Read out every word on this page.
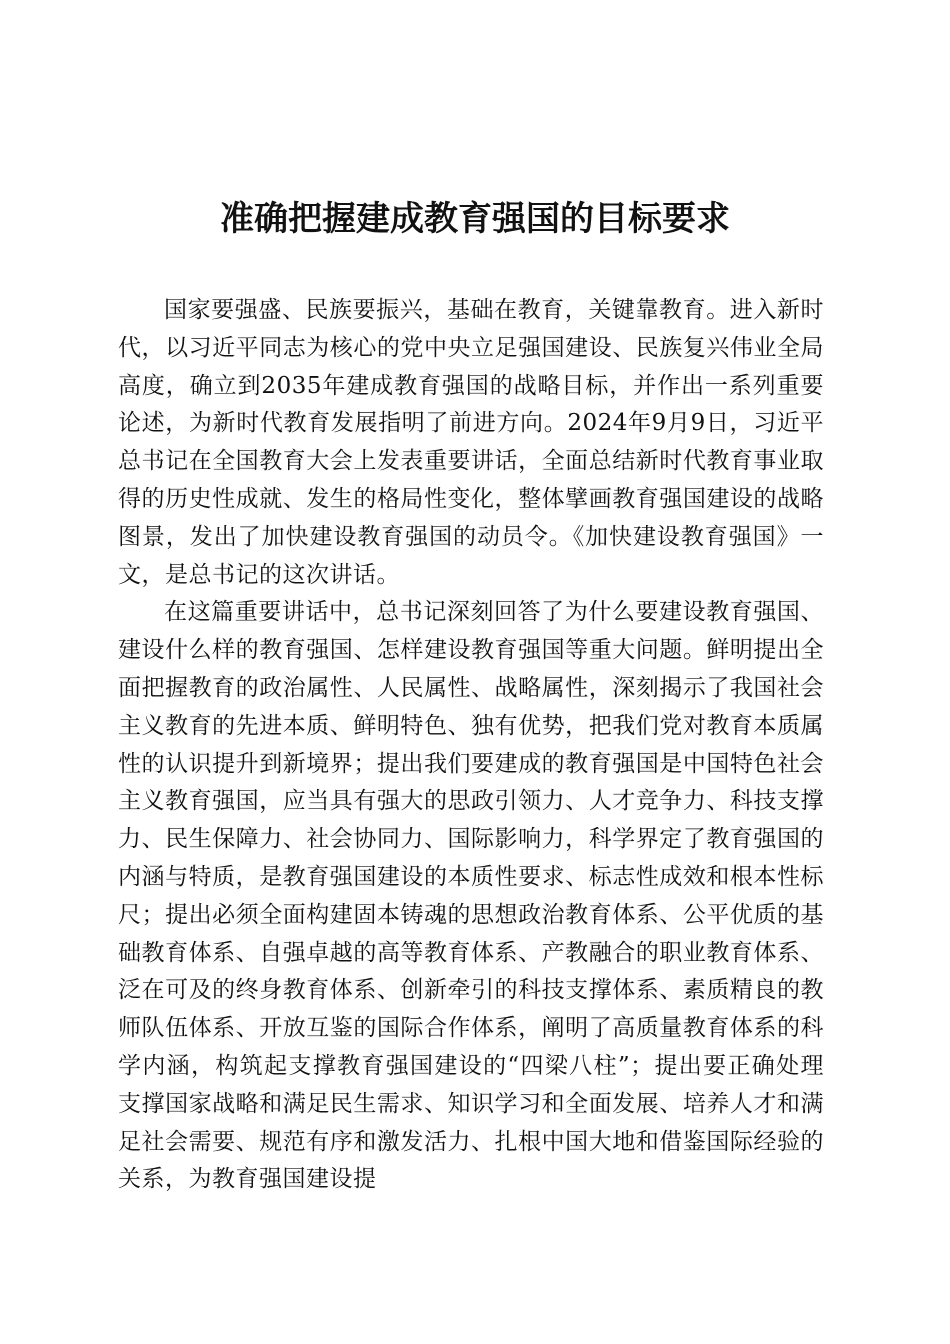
准确把握建成教育强国的目标要求

国家要强盛、民族要振兴，基础在教育，关键靠教育。进入新时代，以习近平同志为核心的党中央立足强国建设、民族复兴伟业全局高度，确立到2035年建成教育强国的战略目标，并作出一系列重要论述，为新时代教育发展指明了前进方向。2024年9月9日，习近平总书记在全国教育大会上发表重要讲话，全面总结新时代教育事业取得的历史性成就、发生的格局性变化，整体擘画教育强国建设的战略图景，发出了加快建设教育强国的动员令。《加快建设教育强国》一文，是总书记的这次讲话。

在这篇重要讲话中，总书记深刻回答了为什么要建设教育强国、建设什么样的教育强国、怎样建设教育强国等重大问题。鲜明提出全面把握教育的政治属性、人民属性、战略属性，深刻揭示了我国社会主义教育的先进本质、鲜明特色、独有优势，把我们党对教育本质属性的认识提升到新境界；提出我们要建成的教育强国是中国特色社会主义教育强国，应当具有强大的思政引领力、人才竞争力、科技支撑力、民生保障力、社会协同力、国际影响力，科学界定了教育强国的内涵与特质，是教育强国建设的本质性要求、标志性成效和根本性标尺；提出必须全面构建固本铸魂的思想政治教育体系、公平优质的基础教育体系、自强卓越的高等教育体系、产教融合的职业教育体系、泛在可及的终身教育体系、创新牵引的科技支撑体系、素质精良的教师队伍体系、开放互鉴的国际合作体系，阐明了高质量教育体系的科学内涵，构筑起支撑教育强国建设的“四梁八柱”；提出要正确处理支撑国家战略和满足民生需求、知识学习和全面发展、培养人才和满足社会需要、规范有序和激发活力、扎根中国大地和借鉴国际经验的关系，为教育强国建设提
